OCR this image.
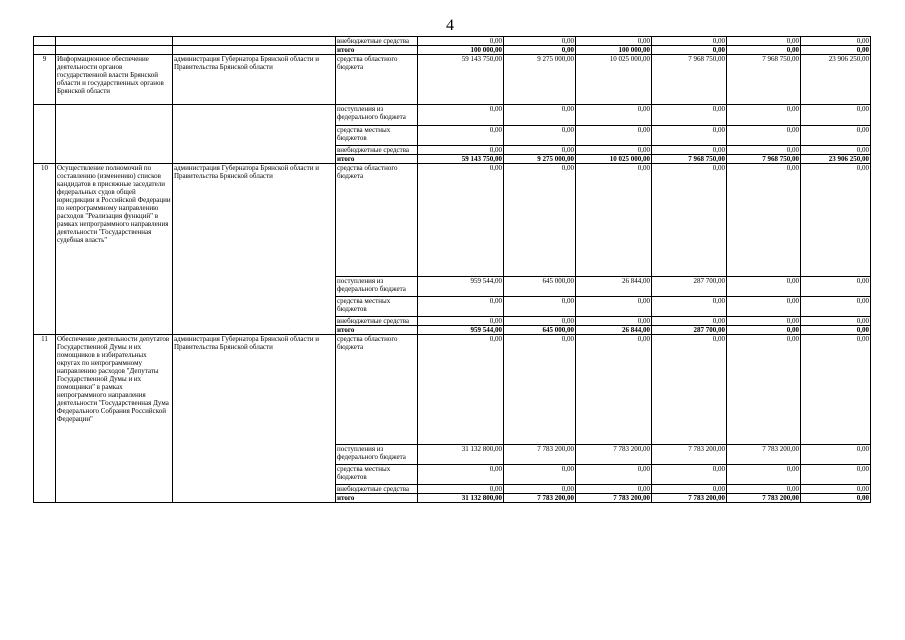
4
			внебюджетные средства	0,00	0,00	0,00	0,00	0,00	0,00
			итого	100 000,00	0,00	100 000,00	0,00	0,00	0,00
9	Информационное обеспечение деятельности органов государственной власти Брянской области и государственных органов Брянской области	администрация Губернатора Брянской области и Правительства Брянской области	средства областного бюджета	59 143 750,00	9 275 000,00	10 025 000,00	7 968 750,00	7 968 750,00	23 906 250,00
			поступления из федерального бюджета	0,00	0,00	0,00	0,00	0,00	0,00
			средства местных бюджетов	0,00	0,00	0,00	0,00	0,00	0,00
			внебюджетные средства	0,00	0,00	0,00	0,00	0,00	0,00
			итого	59 143 750,00	9 275 000,00	10 025 000,00	7 968 750,00	7 968 750,00	23 906 250,00
10	Осуществление полномочий по составлению (изменению) списков кандидатов в присяжные заседатели федеральных судов общей юрисдикции в Российской Федерации по непрограммному направлению расходов "Реализация функций" в рамках непрограммного направления деятельности "Государственная судебная власть"	администрация Губернатора Брянской области и Правительства Брянской области	средства областного бюджета	0,00	0,00	0,00	0,00	0,00	0,00
			поступления из федерального бюджета	959 544,00	645 000,00	26 844,00	287 700,00	0,00	0,00
			средства местных бюджетов	0,00	0,00	0,00	0,00	0,00	0,00
			внебюджетные средства	0,00	0,00	0,00	0,00	0,00	0,00
			итого	959 544,00	645 000,00	26 844,00	287 700,00	0,00	0,00
11	Обеспечение деятельности депутатов Государственной Думы и их помощников в избирательных округах по непрограммному направлению расходов "Депутаты Государственной Думы и их помощники" в рамках непрограммного направления деятельности "Государственная Дума Федерального Собрания Российской Федерации"	администрация Губернатора Брянской области и Правительства Брянской области	средства областного бюджета	0,00	0,00	0,00	0,00	0,00	0,00
			поступления из федерального бюджета	31 132 800,00	7 783 200,00	7 783 200,00	7 783 200,00	7 783 200,00	0,00
			средства местных бюджетов	0,00	0,00	0,00	0,00	0,00	0,00
			внебюджетные средства	0,00	0,00	0,00	0,00	0,00	0,00
			итого	31 132 800,00	7 783 200,00	7 783 200,00	7 783 200,00	7 783 200,00	0,00
